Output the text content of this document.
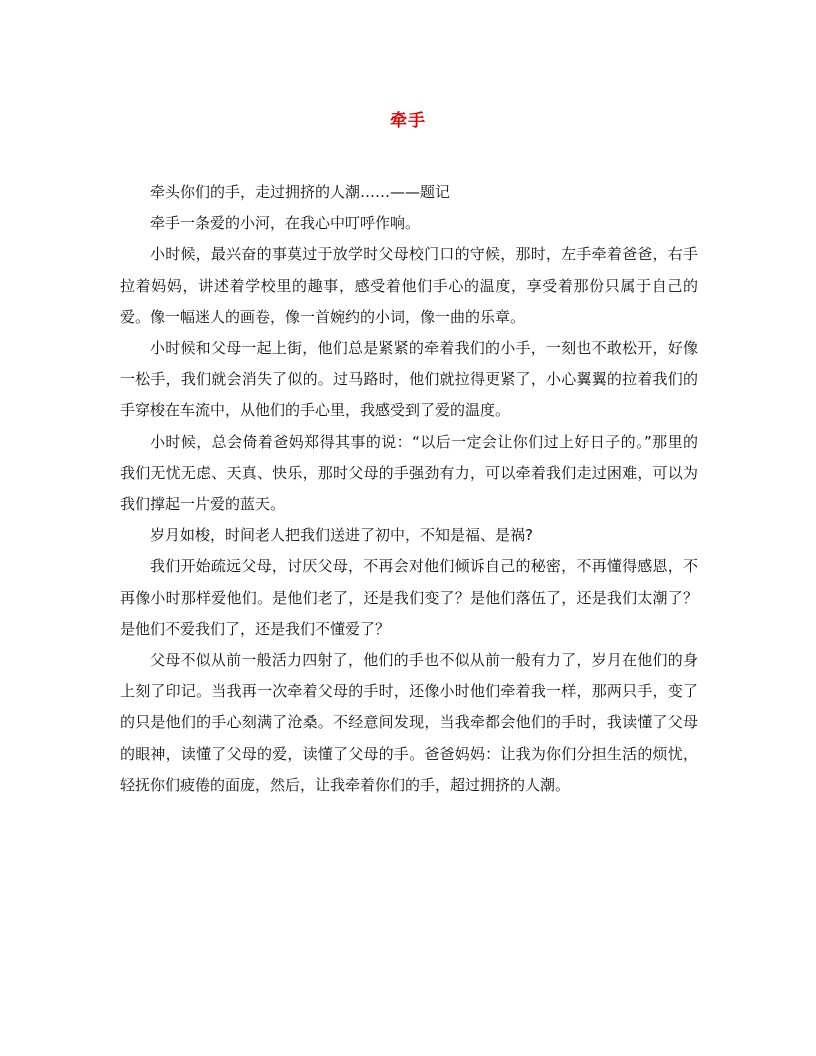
牵手

牵头你们的手，走过拥挤的人潮……——题记

牵手一条爱的小河，在我心中叮呼作响。

小时候，最兴奋的事莫过于放学时父母校门口的守候，那时，左手牵着爸爸，右手拉着妈妈，讲述着学校里的趣事，感受着他们手心的温度，享受着那份只属于自己的爱。像一幅迷人的画卷，像一首婉约的小词，像一曲的乐章。

小时候和父母一起上街，他们总是紧紧的牵着我们的小手，一刻也不敢松开，好像一松手，我们就会消失了似的。过马路时，他们就拉得更紧了，小心翼翼的拉着我们的手穿梭在车流中，从他们的手心里，我感受到了爱的温度。

小时候，总会倚着爸妈郑得其事的说：“以后一定会让你们过上好日子的。”那里的我们无忧无虑、天真、快乐，那时父母的手强劲有力，可以牵着我们走过困难，可以为我们撑起一片爱的蓝天。

岁月如梭，时间老人把我们送进了初中，不知是福、是祸?

我们开始疏远父母，讨厌父母，不再会对他们倾诉自己的秘密，不再懂得感恩，不再像小时那样爱他们。是他们老了，还是我们变了？是他们落伍了，还是我们太潮了？是他们不爱我们了，还是我们不懂爱了？

父母不似从前一般活力四射了，他们的手也不似从前一般有力了，岁月在他们的身上刻了印记。当我再一次牵着父母的手时，还像小时他们牵着我一样，那两只手，变了的只是他们的手心刻满了沧桑。不经意间发现，当我牵都会他们的手时，我读懂了父母的眼神，读懂了父母的爱，读懂了父母的手。爸爸妈妈：让我为你们分担生活的烦忧，轻抚你们疲倦的面庞，然后，让我牵着你们的手，超过拥挤的人潮。
